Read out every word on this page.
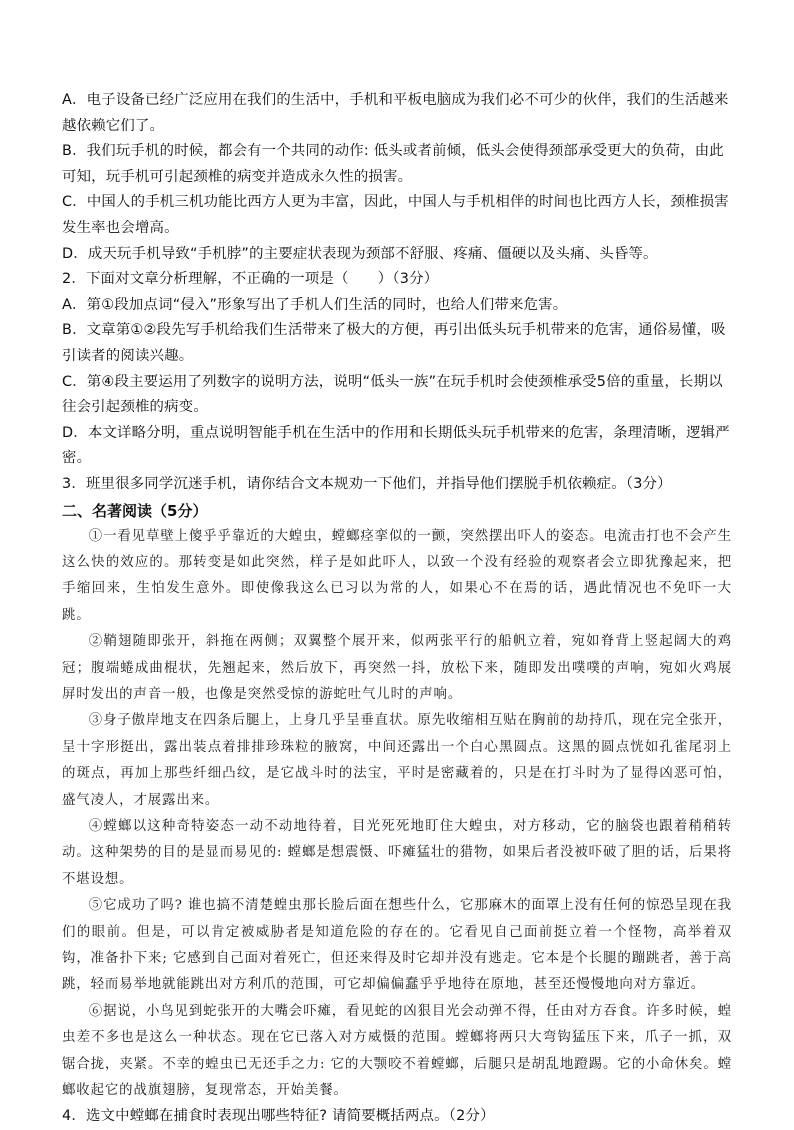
A．电子设备已经广泛应用在我们的生活中，手机和平板电脑成为我们必不可少的伙伴，我们的生活越来越依赖它们了。

B．我们玩手机的时候，都会有一个共同的动作: 低头或者前倾，低头会使得颈部承受更大的负荷，由此可知，玩手机可引起颈椎的病变并造成永久性的损害。

C．中国人的手机三机功能比西方人更为丰富，因此，中国人与手机相伴的时间也比西方人长，颈椎损害发生率也会增高。

D．成天玩手机导致“手机脖”的主要症状表现为颈部不舒服、疼痛、僵硬以及头痛、头昏等。

2．下面对文章分析理解，不正确的一项是（　　）（3分）

A．第①段加点词“侵入”形象写出了手机人们生活的同时，也给人们带来危害。

B．文章第①②段先写手机给我们生活带来了极大的方便，再引出低头玩手机带来的危害，通俗易懂，吸引读者的阅读兴趣。

C．第④段主要运用了列数字的说明方法，说明“低头一族”在玩手机时会使颈椎承受5倍的重量，长期以往会引起颈椎的病变。

D．本文详略分明，重点说明智能手机在生活中的作用和长期低头玩手机带来的危害，条理清晰，逻辑严密。

3．班里很多同学沉迷手机，请你结合文本规劝一下他们，并指导他们摆脱手机依赖症。（3分）

二、名著阅读（5分）

①一看见草壁上傻乎乎靠近的大蝗虫，螳螂痉挛似的一颤，突然摆出吓人的姿态。电流击打也不会产生这么快的效应的。那转变是如此突然，样子是如此吓人，以致一个没有经验的观察者会立即犹豫起来，把手缩回来，生怕发生意外。即使像我这么已习以为常的人，如果心不在焉的话，遇此情况也不免吓一大跳。

②鞘翅随即张开，斜拖在两侧；双翼整个展开来，似两张平行的船帆立着，宛如脊背上竖起阔大的鸡冠；腹端蜷成曲棍状，先翘起来，然后放下，再突然一抖，放松下来，随即发出噗噗的声响，宛如火鸡展屏时发出的声音一般，也像是突然受惊的游蛇吐气儿时的声响。

③身子傲岸地支在四条后腿上，上身几乎呈垂直状。原先收缩相互贴在胸前的劫持爪，现在完全张开，呈十字形挺出，露出装点着排排珍珠粒的腋窝，中间还露出一个白心黑圆点。这黑的圆点恍如孔雀尾羽上的斑点，再加上那些纤细凸纹，是它战斗时的法宝，平时是密藏着的，只是在打斗时为了显得凶恶可怕，盛气凌人，才展露出来。

④螳螂以这种奇特姿态一动不动地待着，目光死死地盯住大蝗虫，对方移动，它的脑袋也跟着稍稍转动。这种架势的目的是显而易见的: 螳螂是想震慑、吓瘫猛壮的猎物，如果后者没被吓破了胆的话，后果将不堪设想。

⑤它成功了吗? 谁也搞不清楚蝗虫那长脸后面在想些什么，它那麻木的面罩上没有任何的惊恐呈现在我们的眼前。但是，可以肯定被威胁者是知道危险的存在的。它看见自己面前挺立着一个怪物，高举着双钩，准备扑下来; 它感到自己面对着死亡，但还来得及时它却并没有逃走。它本是个长腿的蹦跳者，善于高跳，轻而易举地就能跳出对方利爪的范围，可它却偏偏蠢乎乎地待在原地，甚至还慢慢地向对方靠近。

⑥据说，小鸟见到蛇张开的大嘴会吓瘫，看见蛇的凶狠目光会动弹不得，任由对方吞食。许多时候，蝗虫差不多也是这么一种状态。现在它已落入对方威慑的范围。螳螂将两只大弯钩猛压下来，爪子一抓，双锯合拢，夹紧。不幸的蝗虫已无还手之力: 它的大颚咬不着螳螂，后腿只是胡乱地蹬踢。它的小命休矣。螳螂收起它的战旗翅膀，复现常态，开始美餐。

4．选文中螳螂在捕食时表现出哪些特征? 请简要概括两点。（2分）
